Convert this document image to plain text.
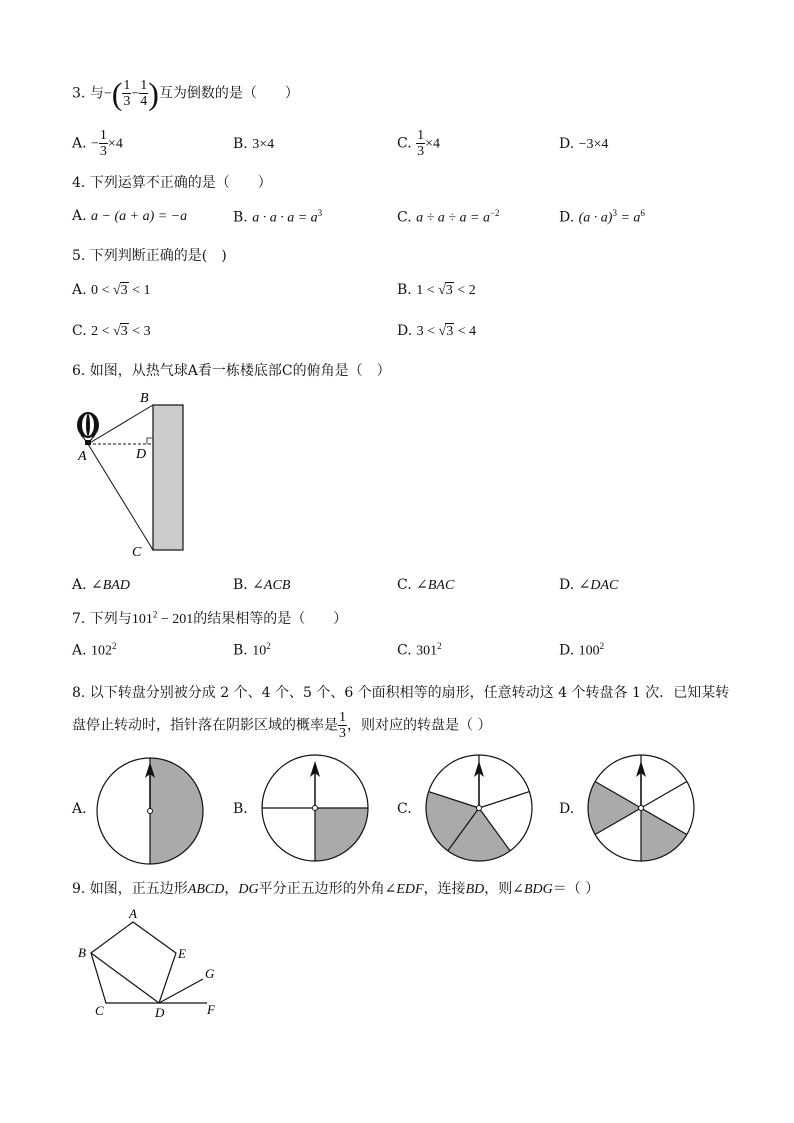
3. 与−( $\frac{1}{3} - \frac{1}{4}$ )互为倒数的是（　　）
A. − $\frac{1}{3} \times 4$	B. 3×4	C. $\frac{1}{3} \times 4$	D. −3×4
4. 下列运算不正确的是（　　）
A. a − (a + a) = −a	B. $a \cdot a \cdot a = a^3$	C. $a \div a \div a = a^{-2}$	D. $(a \cdot a)^3 = a^6$
5. 下列判断正确的是(　)
A. 0 < √3 < 1	B. 1 < √3 < 2
C. 2 < √3 < 3	D. 3 < √3 < 4
6. 如图，从热气球A看一栋楼底部C的俯角是（　）
B
A	D
C
A. ∠BAD	B. ∠ACB	C. ∠BAC	D. ∠DAC
7. 下列与$101^2 - 201$的结果相等的是（　　）
A. $102^2$	B. $10^2$	C. $301^2$	D. $100^2$
8. 以下转盘分别被分成 2 个、4 个、5 个、6 个面积相等的扇形，任意转动这 4 个转盘各 1 次．已知某转
盘停止转动时，指针落在阴影区域的概率是 $\frac{1}{3}$ ，则对应的转盘是（ ）
A.	B.	C.	D.
9. 如图，正五边形ABCD，DG平分正五边形的外角∠EDF，连接BD，则∠BDG＝（ ）
A
B
C	D
E
F
G
